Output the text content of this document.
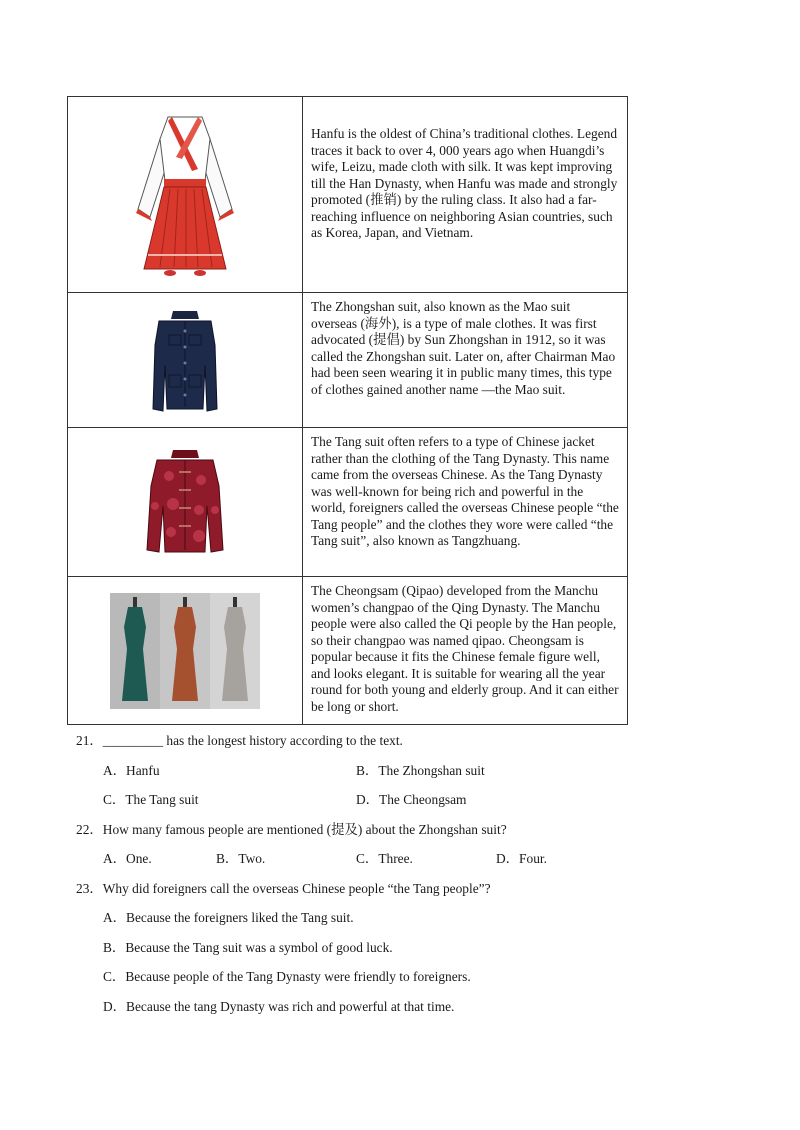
	Hanfu is the oldest of China’s traditional clothes. Legend traces it back to over 4, 000 years ago when Huangdi’s wife, Leizu, made cloth with silk. It was kept improving till the Han Dynasty, when Hanfu was made and strongly promoted (推销) by the ruling class. It also had a far-reaching influence on neighboring Asian countries, such as Korea, Japan, and Vietnam.

	The Zhongshan suit, also known as the Mao suit overseas (海外), is a type of male clothes. It was first advocated (提倡) by Sun Zhongshan in 1912, so it was called the Zhongshan suit. Later on, after Chairman Mao had been seen wearing it in public many times, this type of clothes gained another name —the Mao suit.

	The Tang suit often refers to a type of Chinese jacket rather than the clothing of the Tang Dynasty. This name came from the overseas Chinese. As the Tang Dynasty was well-known for being rich and powerful in the world, foreigners called the overseas Chinese people “the Tang people” and the clothes they wore were called “the Tang suit”, also known as Tangzhuang.

	The Cheongsam (Qipao) developed from the Manchu women’s changpao of the Qing Dynasty. The Manchu people were also called the Qi people by the Han people, so their changpao was named qipao. Cheongsam is popular because it fits the Chinese female figure well, and looks elegant. It is suitable for wearing all the year round for both young and elderly group. And it can either be long or short.
21．_________ has the longest history according to the text.
A．Hanfu	B．The Zhongshan suit
C．The Tang suit	D．The Cheongsam
22．How many famous people are mentioned (提及) about the Zhongshan suit?
A．One.	B．Two.	C．Three.	D．Four.
23．Why did foreigners call the overseas Chinese people “the Tang people”?
A．Because the foreigners liked the Tang suit.
B．Because the Tang suit was a symbol of good luck.
C．Because people of the Tang Dynasty were friendly to foreigners.
D．Because the tang Dynasty was rich and powerful at that time.
